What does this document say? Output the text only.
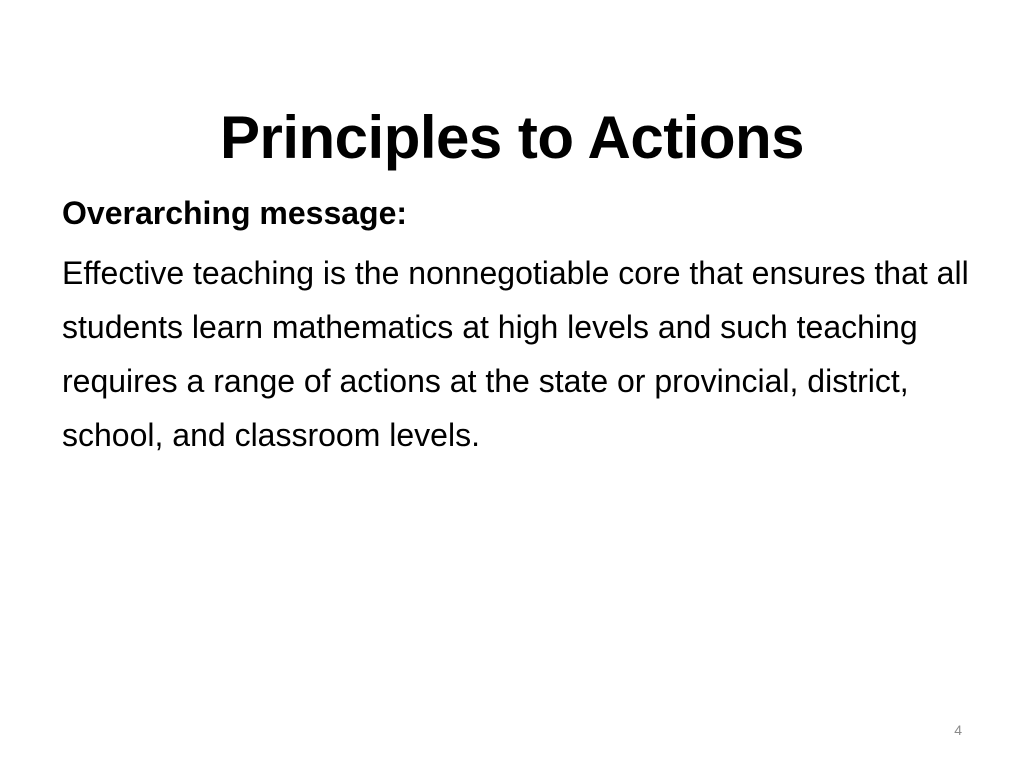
Principles to Actions

Overarching message:

Effective teaching is the nonnegotiable core that ensures that all students learn mathematics at high levels and such teaching requires a range of actions at the state or provincial, district, school, and classroom levels.

4
